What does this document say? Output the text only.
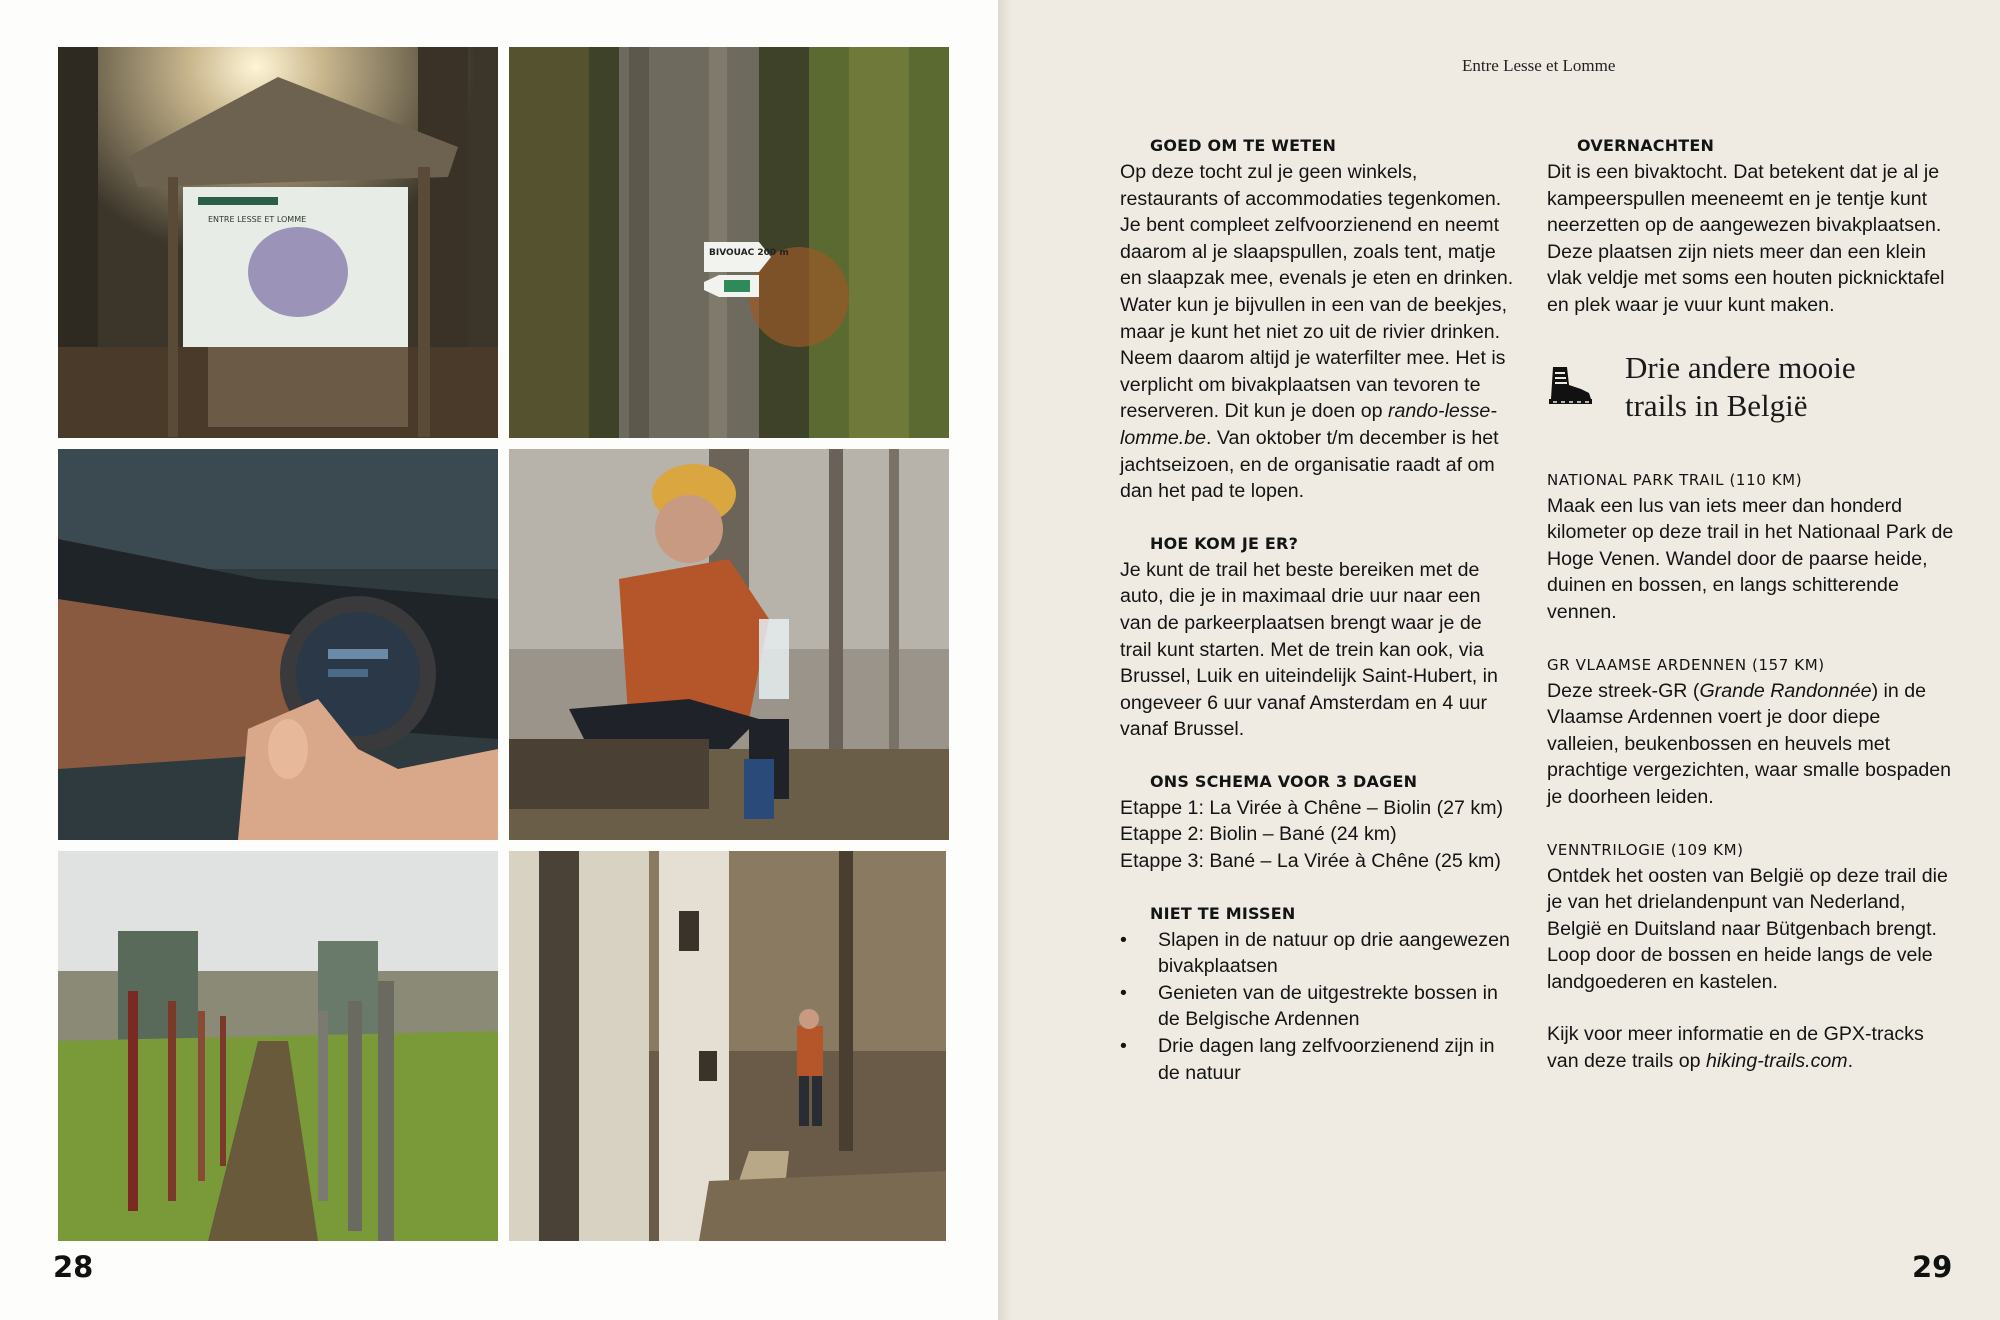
ENTRE LESSE ET LOMME
BIVOUAC 200 m
28
Entre Lesse et Lomme
GOED OM TE WETEN

Op deze tocht zul je geen winkels, restaurants of accommodaties tegenkomen. Je bent compleet zelfvoorzienend en neemt daarom al je slaapspullen, zoals tent, matje en slaapzak mee, evenals je eten en drinken. Water kun je bijvullen in een van de beekjes, maar je kunt het niet zo uit de rivier drinken. Neem daarom altijd je waterfilter mee. Het is verplicht om bivakplaatsen van tevoren te reserveren. Dit kun je doen op rando-lesse-lomme.be. Van oktober t/m december is het jachtseizoen, en de organisatie raadt af om dan het pad te lopen.

HOE KOM JE ER?

Je kunt de trail het beste bereiken met de auto, die je in maximaal drie uur naar een van de parkeerplaatsen brengt waar je de trail kunt starten. Met de trein kan ook, via Brussel, Luik en uiteindelijk Saint-Hubert, in ongeveer 6 uur vanaf Amsterdam en 4 uur vanaf Brussel.

ONS SCHEMA VOOR 3 DAGEN
Etappe 1: La Virée à Chêne – Biolin (27 km)
Etappe 2: Biolin – Bané (24 km)
Etappe 3: Bané – La Virée à Chêne (25 km)
NIET TE MISSEN
• Slapen in de natuur op drie aangewezen bivakplaatsen
• Genieten van de uitgestrekte bossen in de Belgische Ardennen
• Drie dagen lang zelfvoorzienend zijn in de natuur
OVERNACHTEN

Dit is een bivaktocht. Dat betekent dat je al je kampeerspullen meeneemt en je tentje kunt neerzetten op de aangewezen bivakplaatsen. Deze plaatsen zijn niets meer dan een klein vlak veldje met soms een houten picknicktafel en plek waar je vuur kunt maken.

Drie andere mooie
trails in België
NATIONAL PARK TRAIL (110 KM)

Maak een lus van iets meer dan honderd kilometer op deze trail in het Nationaal Park de Hoge Venen. Wandel door de paarse heide, duinen en bossen, en langs schitterende vennen.

GR VLAAMSE ARDENNEN (157 KM)

Deze streek-GR (Grande Randonnée) in de Vlaamse Ardennen voert je door diepe valleien, beukenbossen en heuvels met prachtige vergezichten, waar smalle bospaden je doorheen leiden.

VENNTRILOGIE (109 KM)

Ontdek het oosten van België op deze trail die je van het drielandenpunt van Nederland, België en Duitsland naar Bütgenbach brengt. Loop door de bossen en heide langs de vele landgoederen en kastelen.

Kijk voor meer informatie en de GPX-tracks van deze trails op hiking-trails.com.

29
